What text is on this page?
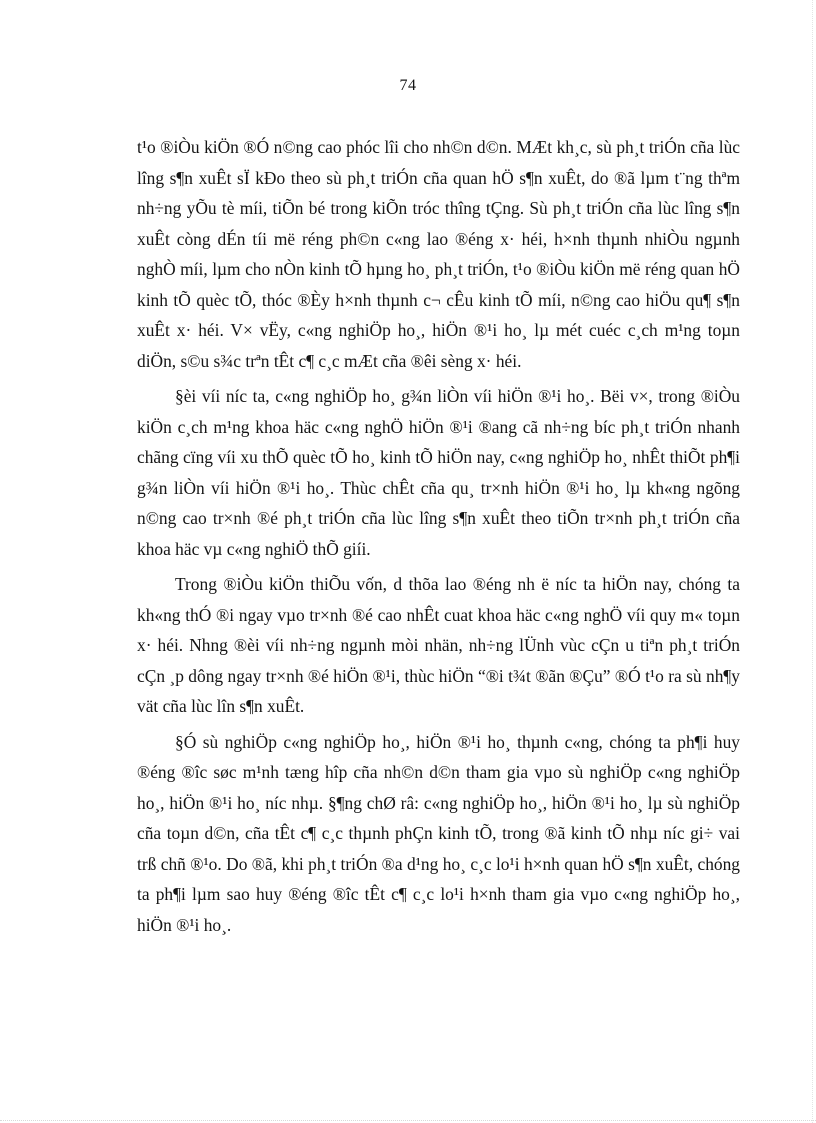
74

t¹o ®iÒu kiÖn ®Ó n©ng cao phóc lîi cho nh©n d©n. MÆt kh¸c, sù ph¸t triÓn cña lùc lîng s¶n xuÊt sÏ kÐo theo sù ph¸t triÓn cña quan hÖ s¶n xuÊt, do ®ã lµm t¨ng thªm nh÷ng yÕu tè míi, tiÕn bé trong kiÕn tróc thîng tÇng. Sù ph¸t triÓn cña lùc lîng s¶n xuÊt còng dÉn tíi më réng ph©n c«ng lao ®éng x· héi, h×nh thµnh nhiÒu ngµnh nghÒ míi, lµm cho nÒn kinh tÕ hµng ho¸ ph¸t triÓn, t¹o ®iÒu kiÖn më réng quan hÖ kinh tÕ quèc tÕ, thóc ®Èy h×nh thµnh c¬ cÊu kinh tÕ míi, n©ng cao hiÖu qu¶ s¶n xuÊt x· héi. V× vËy, c«ng nghiÖp ho¸, hiÖn ®¹i ho¸ lµ mét cuéc c¸ch m¹ng toµn diÖn, s©u s¾c trªn tÊt c¶ c¸c mÆt cña ®êi sèng x· héi.

§èi víi níc ta, c«ng nghiÖp ho¸ g¾n liÒn víi hiÖn ®¹i ho¸. Bëi v×, trong ®iÒu kiÖn c¸ch m¹ng khoa häc c«ng nghÖ hiÖn ®¹i ®ang cã nh÷ng bíc ph¸t triÓn nhanh chãng cïng víi xu thÕ quèc tÕ ho¸ kinh tÕ hiÖn nay, c«ng nghiÖp ho¸ nhÊt thiÕt ph¶i g¾n liÒn víi hiÖn ®¹i ho¸. Thùc chÊt cña qu¸ tr×nh hiÖn ®¹i ho¸ lµ kh«ng ngõng n©ng cao tr×nh ®é ph¸t triÓn cña lùc lîng s¶n xuÊt theo tiÕn tr×nh ph¸t triÓn cña khoa häc vµ c«ng nghiÖ thÕ giíi.

Trong ®iÒu kiÖn thiÕu vốn, d thõa lao ®éng nh ë níc ta hiÖn nay, chóng ta kh«ng thÓ ®i ngay vµo tr×nh ®é cao nhÊt cuat khoa häc c«ng nghÖ víi quy m« toµn x· héi. Nhng ®èi víi nh÷ng ngµnh mòi nhän, nh÷ng lÜnh vùc cÇn u tiªn ph¸t triÓn cÇn ¸p dông ngay tr×nh ®é hiÖn ®¹i, thùc hiÖn “®i t¾t ®ãn ®Çu” ®Ó t¹o ra sù nh¶y vät cña lùc lîn s¶n xuÊt.

§Ó sù nghiÖp c«ng nghiÖp ho¸, hiÖn ®¹i ho¸ thµnh c«ng, chóng ta ph¶i huy ®éng ®îc søc m¹nh tæng hîp cña nh©n d©n tham gia vµo sù nghiÖp c«ng nghiÖp ho¸, hiÖn ®¹i ho¸ níc nhµ. §¶ng chØ râ: c«ng nghiÖp ho¸, hiÖn ®¹i ho¸ lµ sù nghiÖp cña toµn d©n, cña tÊt c¶ c¸c thµnh phÇn kinh tÕ, trong ®ã kinh tÕ nhµ níc gi÷ vai trß chñ ®¹o. Do ®ã, khi ph¸t triÓn ®a d¹ng ho¸ c¸c lo¹i h×nh quan hÖ s¶n xuÊt, chóng ta ph¶i lµm sao huy ®éng ®îc tÊt c¶ c¸c lo¹i h×nh tham gia vµo c«ng nghiÖp ho¸, hiÖn ®¹i ho¸.
